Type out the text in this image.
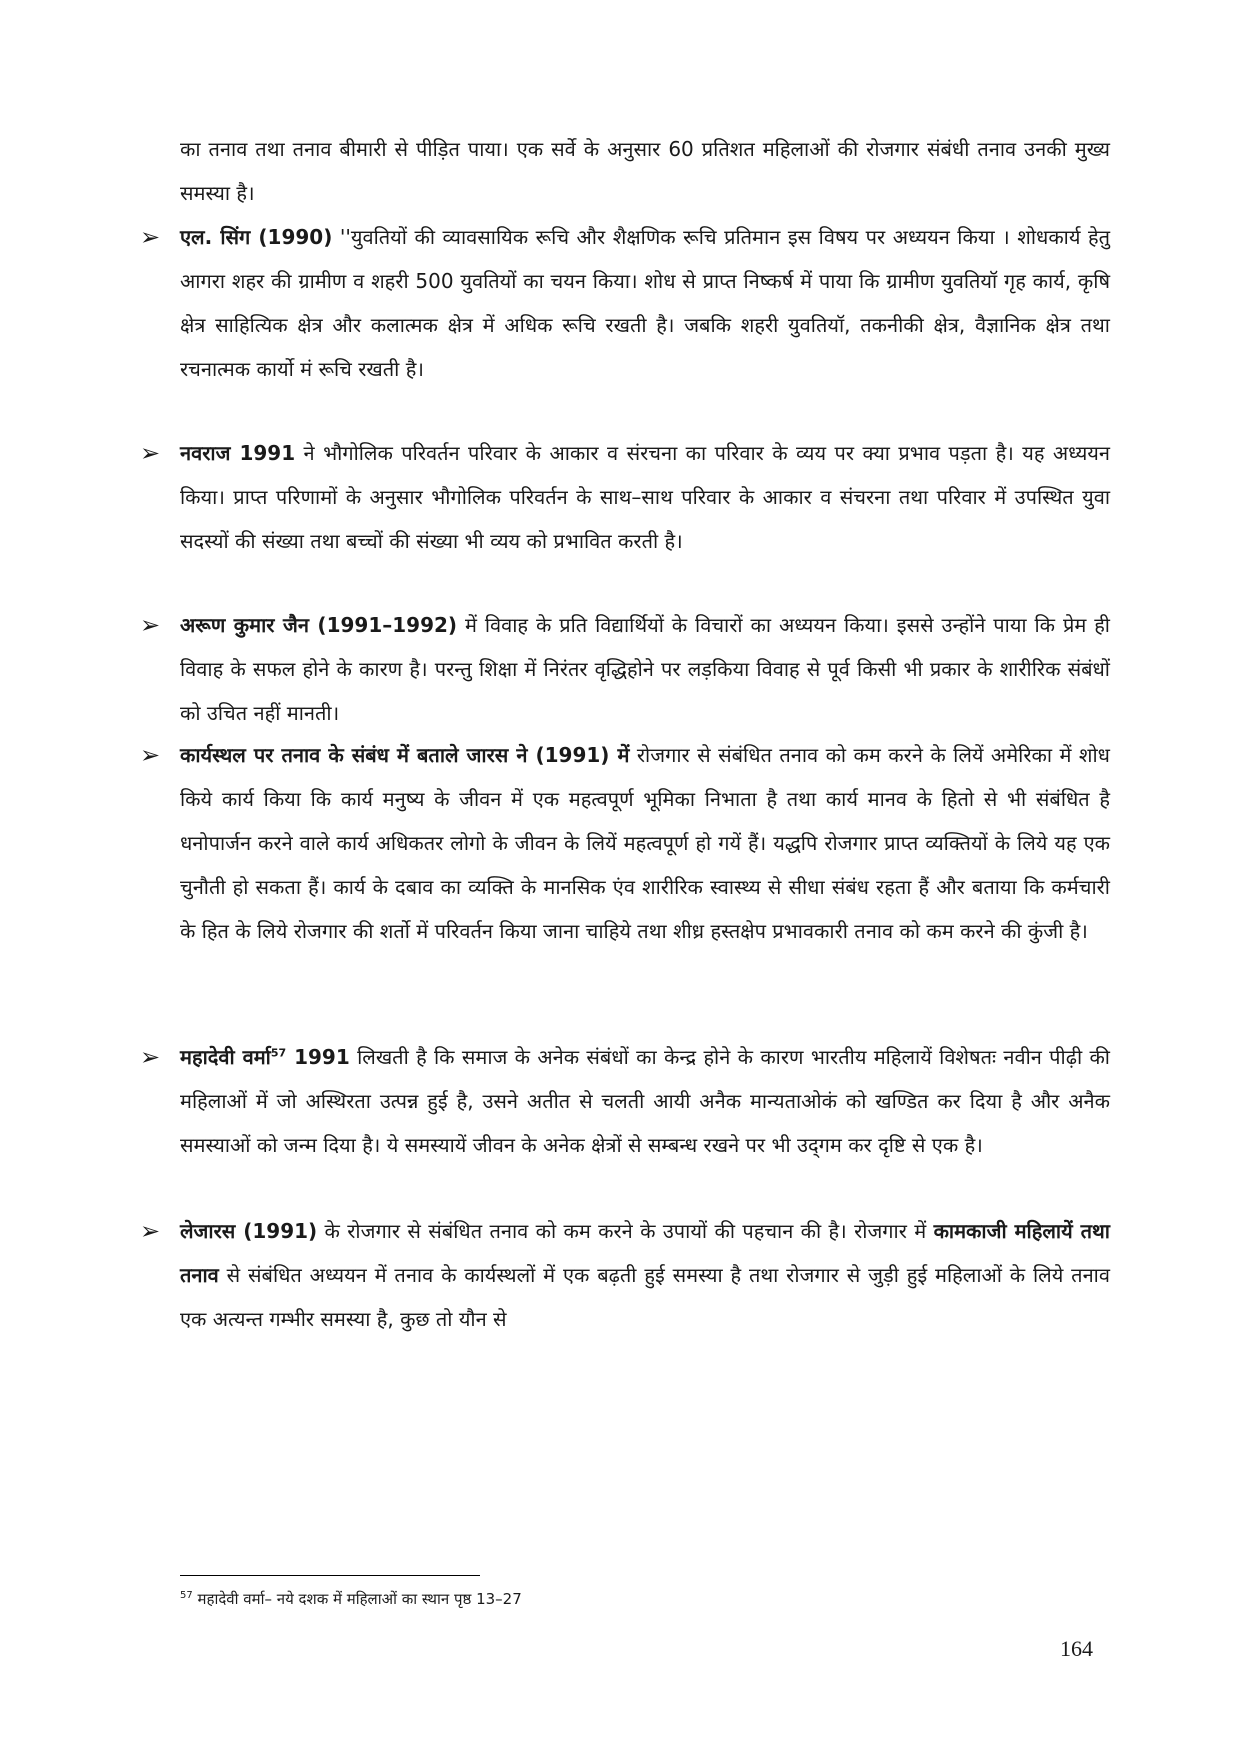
का तनाव तथा तनाव बीमारी से पीड़ित पाया। एक सर्वे के अनुसार 60 प्रतिशत महिलाओं की रोजगार संबंधी तनाव उनकी मुख्य समस्या है।

➢ एल. सिंग (1990) ''युवतियों की व्यावसायिक रूचि और शैक्षणिक रूचि प्रतिमान इस विषय पर अध्ययन किया । शोधकार्य हेतु आगरा शहर की ग्रामीण व शहरी 500 युवतियों का चयन किया। शोध से प्राप्त निष्कर्ष में पाया कि ग्रामीण युवतियॉ गृह कार्य, कृषि क्षेत्र साहित्यिक क्षेत्र और कलात्मक क्षेत्र में अधिक रूचि रखती है। जबकि शहरी युवतियॉ, तकनीकी क्षेत्र, वैज्ञानिक क्षेत्र तथा रचनात्मक कार्यो मं रूचि रखती है।

➢ नवराज 1991 ने भौगोलिक परिवर्तन परिवार के आकार व संरचना का परिवार के व्यय पर क्या प्रभाव पड़ता है। यह अध्ययन किया। प्राप्त परिणामों के अनुसार भौगोलिक परिवर्तन के साथ–साथ परिवार के आकार व संचरना तथा परिवार में उपस्थित युवा सदस्यों की संख्या तथा बच्चों की संख्या भी व्यय को प्रभावित करती है।

➢ अरूण कुमार जैन (1991–1992) में विवाह के प्रति विद्यार्थियों के विचारों का अध्ययन किया। इससे उन्होंने पाया कि प्रेम ही विवाह के सफल होने के कारण है। परन्तु शिक्षा में निरंतर वृद्धिहोने पर लड़किया विवाह से पूर्व किसी भी प्रकार के शारीरिक संबंधों को उचित नहीं मानती।

➢ कार्यस्थल पर तनाव के संबंध में बताले जारस ने (1991) में रोजगार से संबंधित तनाव को कम करने के लियें अमेरिका में शोध किये कार्य किया कि कार्य मनुष्य के जीवन में एक महत्वपूर्ण भूमिका निभाता है तथा कार्य मानव के हितो से भी संबंधित है धनोपार्जन करने वाले कार्य अधिकतर लोगो के जीवन के लियें महत्वपूर्ण हो गयें हैं। यद्धपि रोजगार प्राप्त व्यक्तियों के लिये यह एक चुनौती हो सकता हैं। कार्य के दबाव का व्यक्ति के मानसिक एंव शारीरिक स्वास्थ्य से सीधा संबंध रहता हैं और बताया कि कर्मचारी के हित के लिये रोजगार की शर्तो में परिवर्तन किया जाना चाहिये तथा शीध्र हस्तक्षेप प्रभावकारी तनाव को कम करने की कुंजी है।

➢ महादेवी वर्मा$^{57}$ 1991 लिखती है कि समाज के अनेक संबंधों का केन्द्र होने के कारण भारतीय महिलायें विशेषतः नवीन पीढ़ी की महिलाओं में जो अस्थिरता उत्पन्न हुई है, उसने अतीत से चलती आयी अनैक मान्यताओकं को खण्डित कर दिया है और अनैक समस्याओं को जन्म दिया है। ये समस्यायें जीवन के अनेक क्षेत्रों से सम्बन्ध रखने पर भी उद्‌गम कर दृष्टि से एक है।

➢ लेजारस (1991) के रोजगार से संबंधित तनाव को कम करने के उपायों की पहचान की है। रोजगार में कामकाजी महिलायें तथा तनाव से संबंधित अध्ययन में तनाव के कार्यस्थलों में एक बढ़ती हुई समस्या है तथा रोजगार से जुड़ी हुई महिलाओं के लिये तनाव एक अत्यन्त गम्भीर समस्या है, कुछ तो यौन से

$^{57}$ महादेवी वर्मा– नये दशक में महिलाओं का स्थान पृष्ठ 13–27
164
